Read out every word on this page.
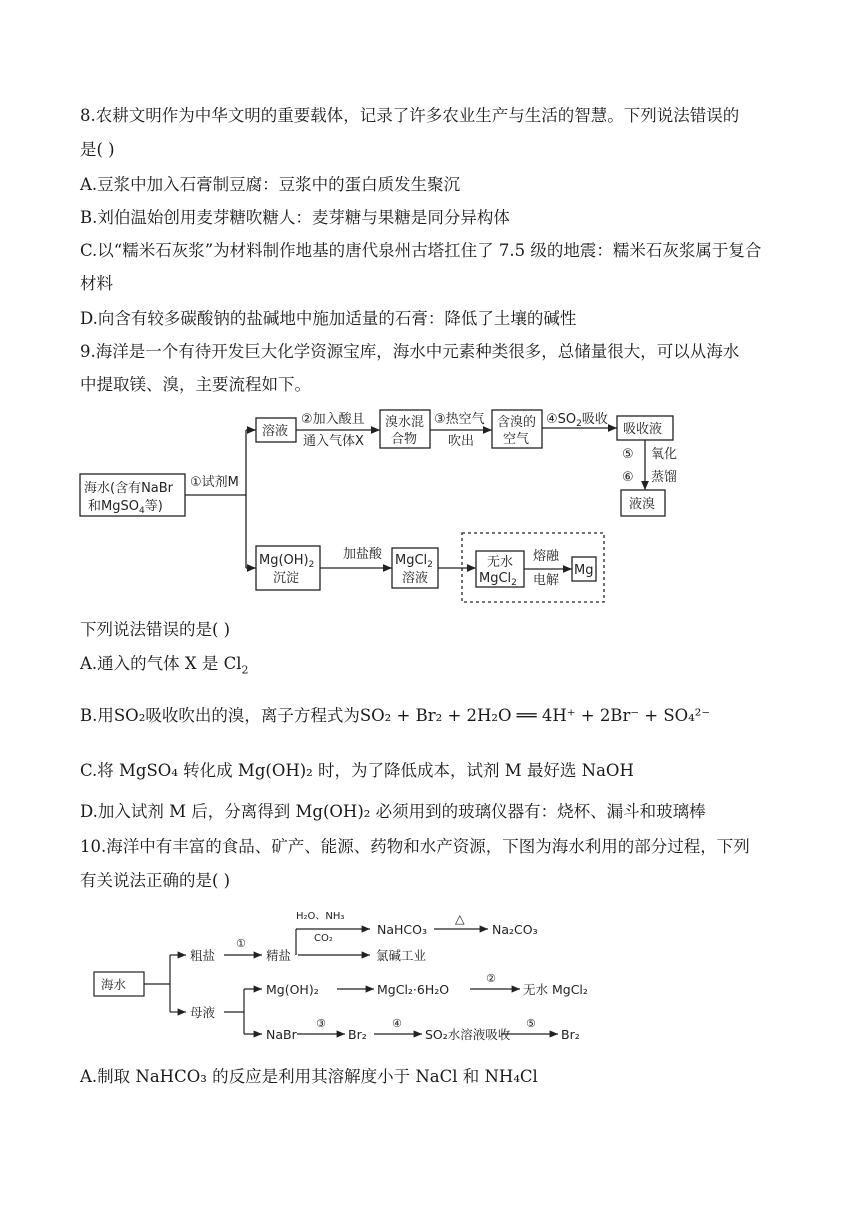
8.农耕文明作为中华文明的重要载体，记录了许多农业生产与生活的智慧。下列说法错误的
是( )
A.豆浆中加入石膏制豆腐：豆浆中的蛋白质发生聚沉
B.刘伯温始创用麦芽糖吹糖人：麦芽糖与果糖是同分异构体
C.以“糯米石灰浆”为材料制作地基的唐代泉州古塔扛住了 7.5 级的地震：糯米石灰浆属于复合
材料
D.向含有较多碳酸钠的盐碱地中施加适量的石膏：降低了土壤的碱性
9.海洋是一个有待开发巨大化学资源宝库，海水中元素种类很多，总储量很大，可以从海水
中提取镁、溴，主要流程如下。
海水(含有NaBr
和MgSO$_4$等)
①试剂M
溶液
②加入酸且
通入气体X
溴水混
合物
③热空气
吹出
含溴的
空气
$④SO_2$吸收
吸收液
⑤ 氧化
⑥ 蒸馏
液溴
$Mg(OH)_2$
沉淀
加盐酸 MgCl$_2$
溶液
无水
MgCl$_2$
熔融
电解
Mg
下列说法错误的是( )
A.通入的气体 X 是 $Cl_2$
B.用SO₂吸收吹出的溴，离子方程式为SO₂ + Br₂ + 2H₂O ══ 4H⁺ + 2Br⁻ + SO₄²⁻
C.将 MgSO₄ 转化成 Mg(OH)₂ 时，为了降低成本，试剂 M 最好选 NaOH
D.加入试剂 M 后，分离得到 Mg(OH)₂ 必须用到的玻璃仪器有：烧杯、漏斗和玻璃棒
10.海洋中有丰富的食品、矿产、能源、药物和水产资源，下图为海水利用的部分过程，下列
有关说法正确的是( )
海水
粗盐
①
精盐
H₂O、NH₃
CO₂
NaHCO₃
△
Na₂CO₃
氯碱工业
母液
Mg(OH)₂	MgCl₂·6H₂O
②
无水 MgCl₂
NaBr
③
Br₂
④
SO₂水溶液吸收
⑤
Br₂
A.制取 NaHCO₃ 的反应是利用其溶解度小于 NaCl 和 NH₄Cl
